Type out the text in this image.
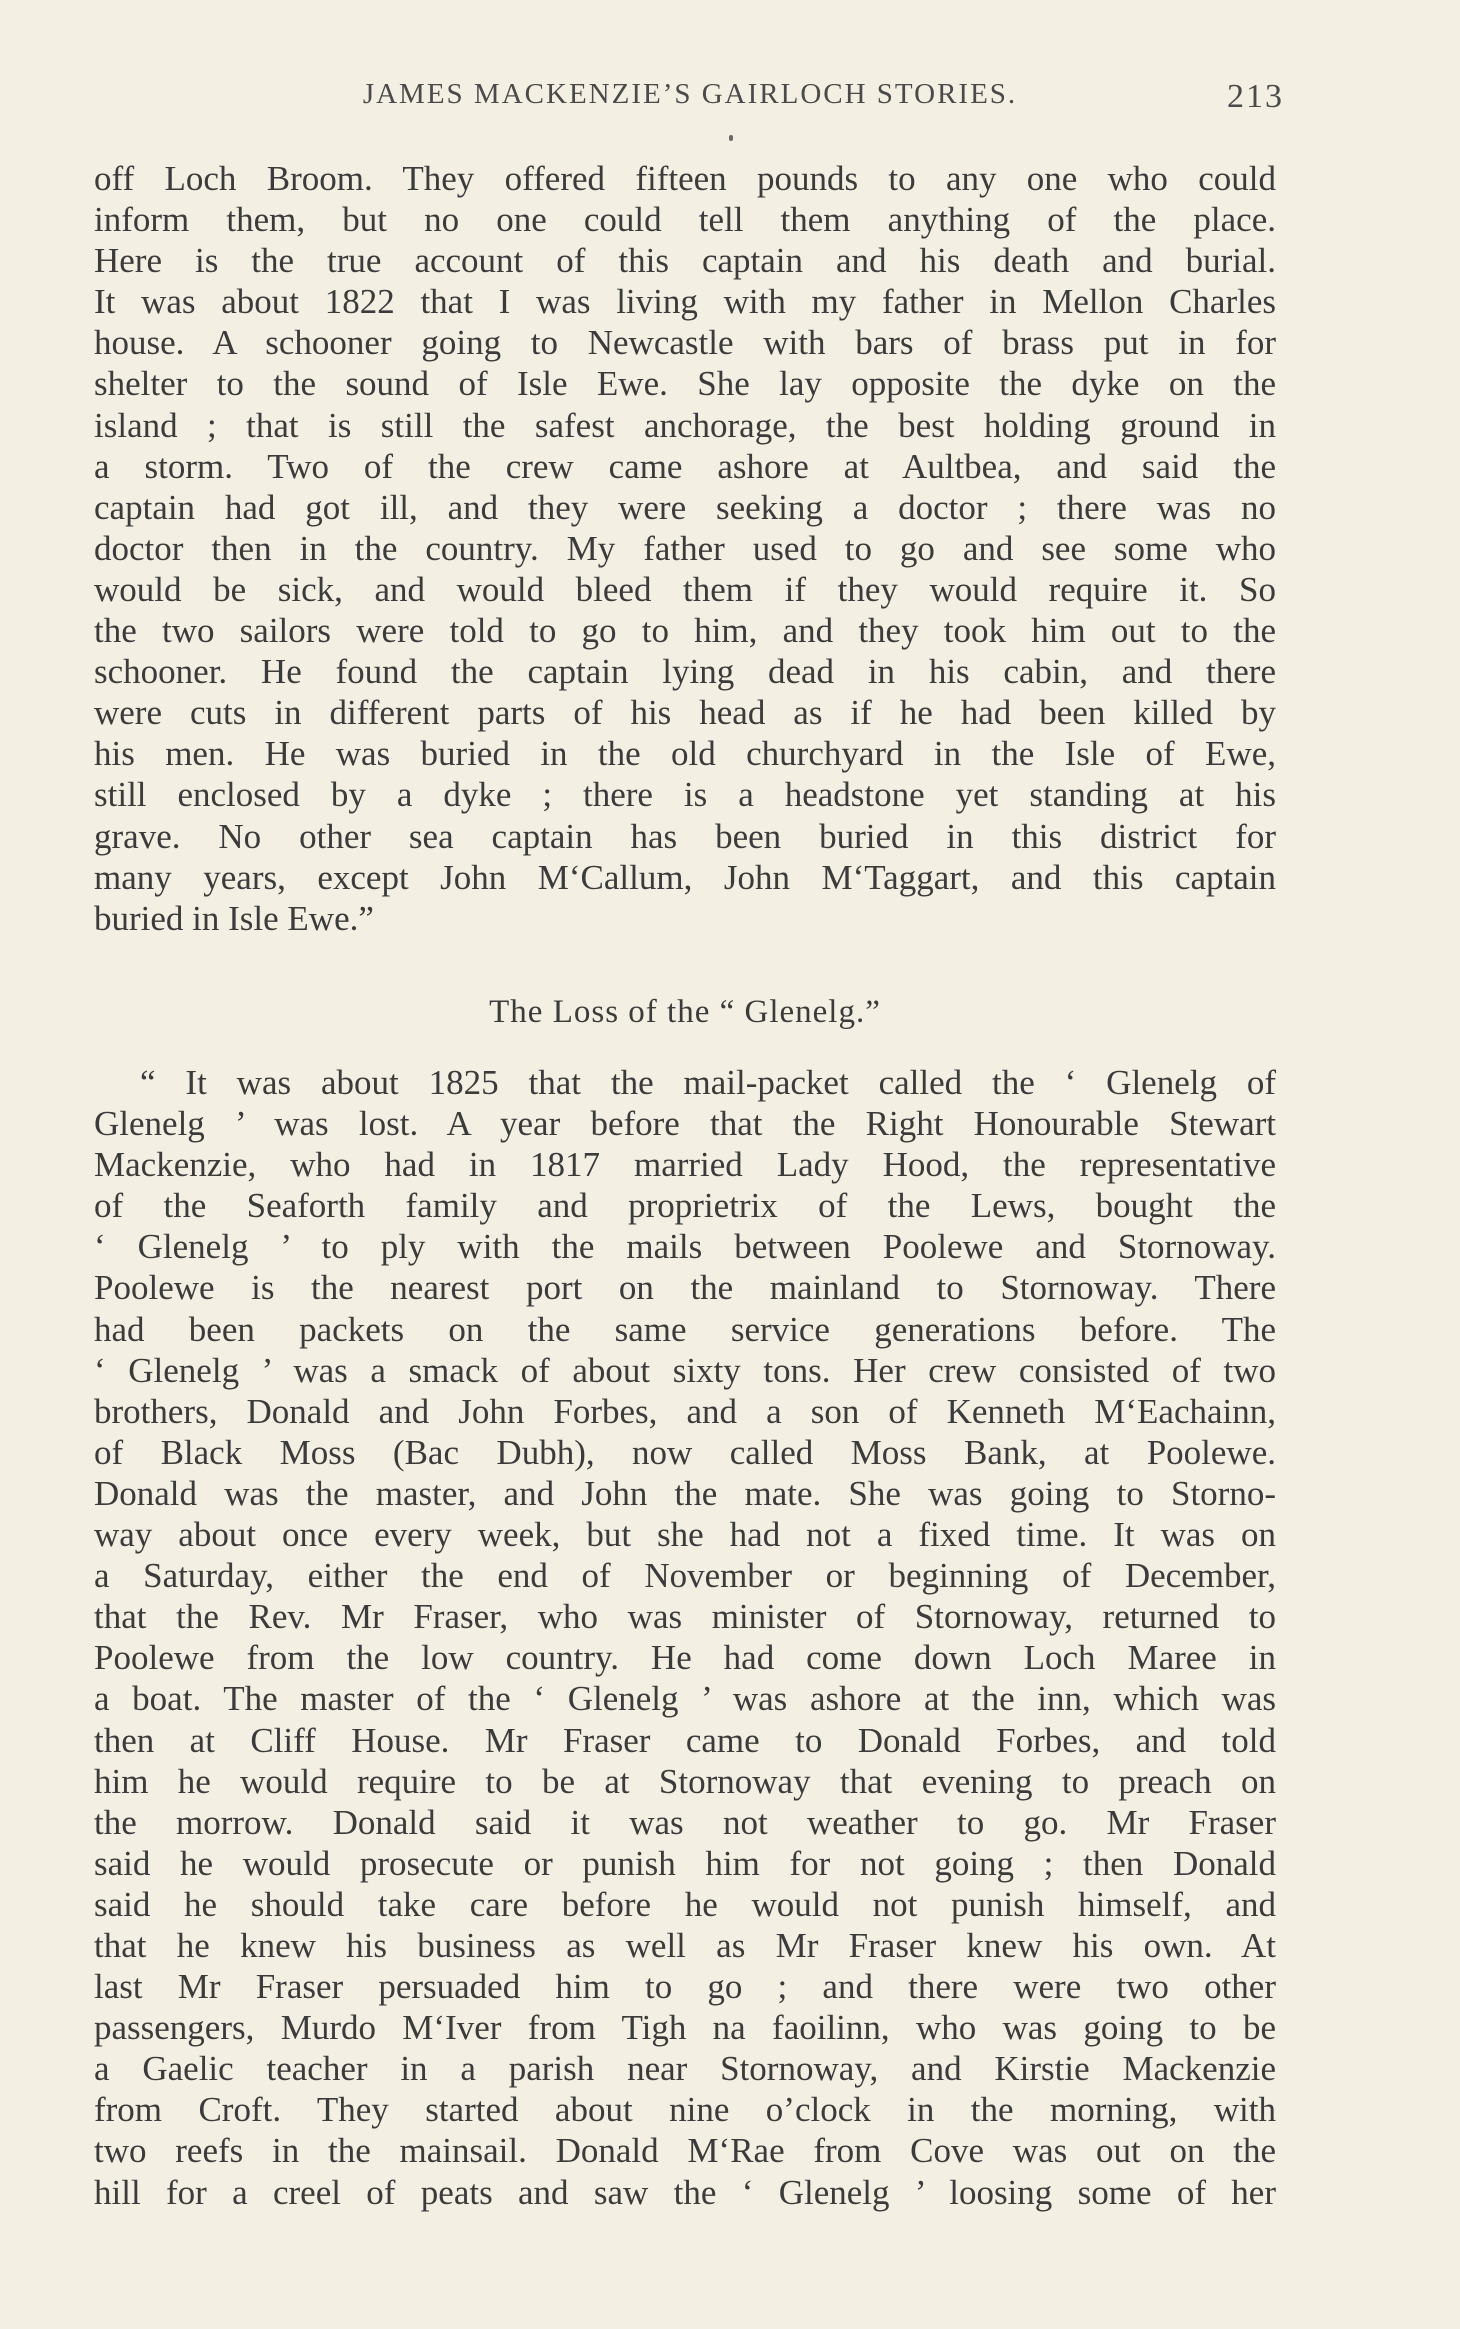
JAMES MACKENZIE’S GAIRLOCH STORIES.	213
off Loch Broom. They offered fifteen pounds to any one who could
inform them, but no one could tell them anything of the place.
Here is the true account of this captain and his death and burial.
It was about 1822 that I was living with my father in Mellon Charles
house. A schooner going to Newcastle with bars of brass put in for
shelter to the sound of Isle Ewe. She lay opposite the dyke on the
island ; that is still the safest anchorage, the best holding ground in
a storm. Two of the crew came ashore at Aultbea, and said the
captain had got ill, and they were seeking a doctor ; there was no
doctor then in the country. My father used to go and see some who
would be sick, and would bleed them if they would require it. So
the two sailors were told to go to him, and they took him out to the
schooner. He found the captain lying dead in his cabin, and there
were cuts in different parts of his head as if he had been killed by
his men. He was buried in the old churchyard in the Isle of Ewe,
still enclosed by a dyke ; there is a headstone yet standing at his
grave. No other sea captain has been buried in this district for
many years, except John M‘Callum, John M‘Taggart, and this captain
buried in Isle Ewe.”
The Loss of the “ Glenelg.”
“ It was about 1825 that the mail-packet called the ‘ Glenelg of
Glenelg ’ was lost. A year before that the Right Honourable Stewart
Mackenzie, who had in 1817 married Lady Hood, the representative
of the Seaforth family and proprietrix of the Lews, bought the
‘ Glenelg ’ to ply with the mails between Poolewe and Stornoway.
Poolewe is the nearest port on the mainland to Stornoway. There
had been packets on the same service generations before. The
‘ Glenelg ’ was a smack of about sixty tons. Her crew consisted of two
brothers, Donald and John Forbes, and a son of Kenneth M‘Eachainn,
of Black Moss (Bac Dubh), now called Moss Bank, at Poolewe.
Donald was the master, and John the mate. She was going to Storno-
way about once every week, but she had not a fixed time. It was on
a Saturday, either the end of November or beginning of December,
that the Rev. Mr Fraser, who was minister of Stornoway, returned to
Poolewe from the low country. He had come down Loch Maree in
a boat. The master of the ‘ Glenelg ’ was ashore at the inn, which was
then at Cliff House. Mr Fraser came to Donald Forbes, and told
him he would require to be at Stornoway that evening to preach on
the morrow. Donald said it was not weather to go. Mr Fraser
said he would prosecute or punish him for not going ; then Donald
said he should take care before he would not punish himself, and
that he knew his business as well as Mr Fraser knew his own. At
last Mr Fraser persuaded him to go ; and there were two other
passengers, Murdo M‘Iver from Tigh na faoilinn, who was going to be
a Gaelic teacher in a parish near Stornoway, and Kirstie Mackenzie
from Croft. They started about nine o’clock in the morning, with
two reefs in the mainsail. Donald M‘Rae from Cove was out on the
hill for a creel of peats and saw the ‘ Glenelg ’ loosing some of her
